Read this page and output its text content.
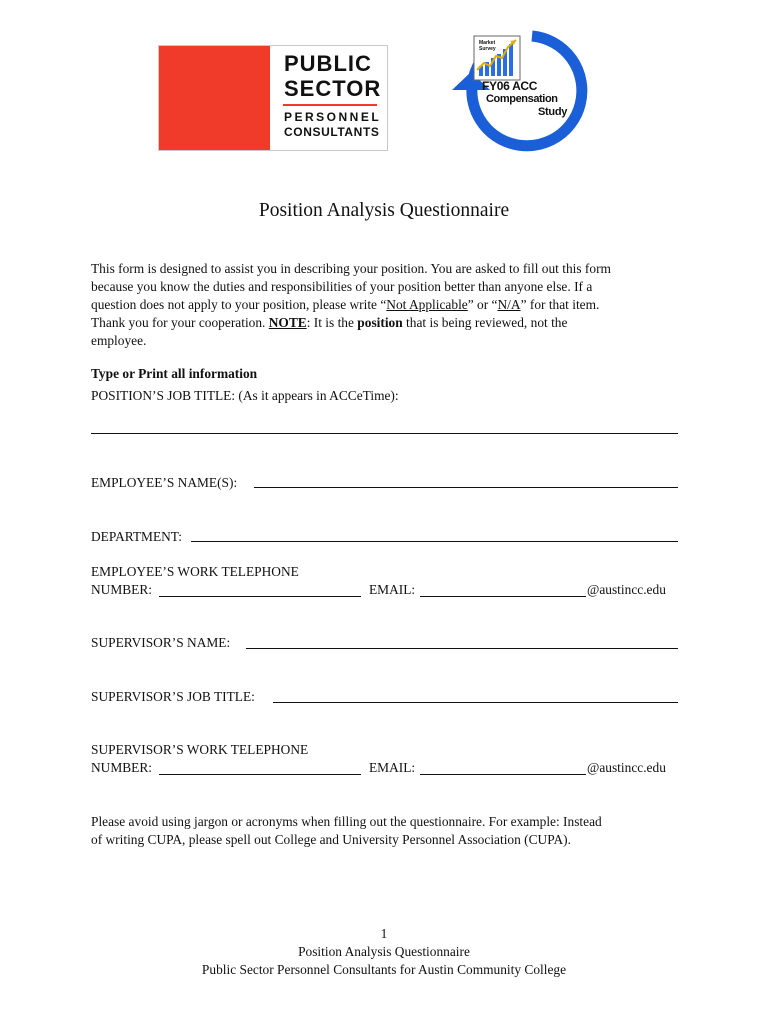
PUBLIC
SECTOR
PERSONNEL
CONSULTANTS
Market
Survey
FY06 ACC
Compensation
Study
Position Analysis Questionnaire
This form is designed to assist you in describing your position. You are asked to fill out this form
because you know the duties and responsibilities of your position better than anyone else. If a
question does not apply to your position, please write “Not Applicable” or “N/A” for that item.
Thank you for your cooperation. NOTE: It is the position that is being reviewed, not the
employee.
Type or Print all information
POSITION’S JOB TITLE: (As it appears in ACCeTime):
EMPLOYEE’S NAME(S):
DEPARTMENT:
EMPLOYEE’S WORK TELEPHONE
NUMBER:	EMAIL:	@austincc.edu
SUPERVISOR’S NAME:
SUPERVISOR’S JOB TITLE:
SUPERVISOR’S WORK TELEPHONE
NUMBER:	EMAIL:	@austincc.edu
Please avoid using jargon or acronyms when filling out the questionnaire. For example: Instead
of writing CUPA, please spell out College and University Personnel Association (CUPA).
1
Position Analysis Questionnaire
Public Sector Personnel Consultants for Austin Community College
